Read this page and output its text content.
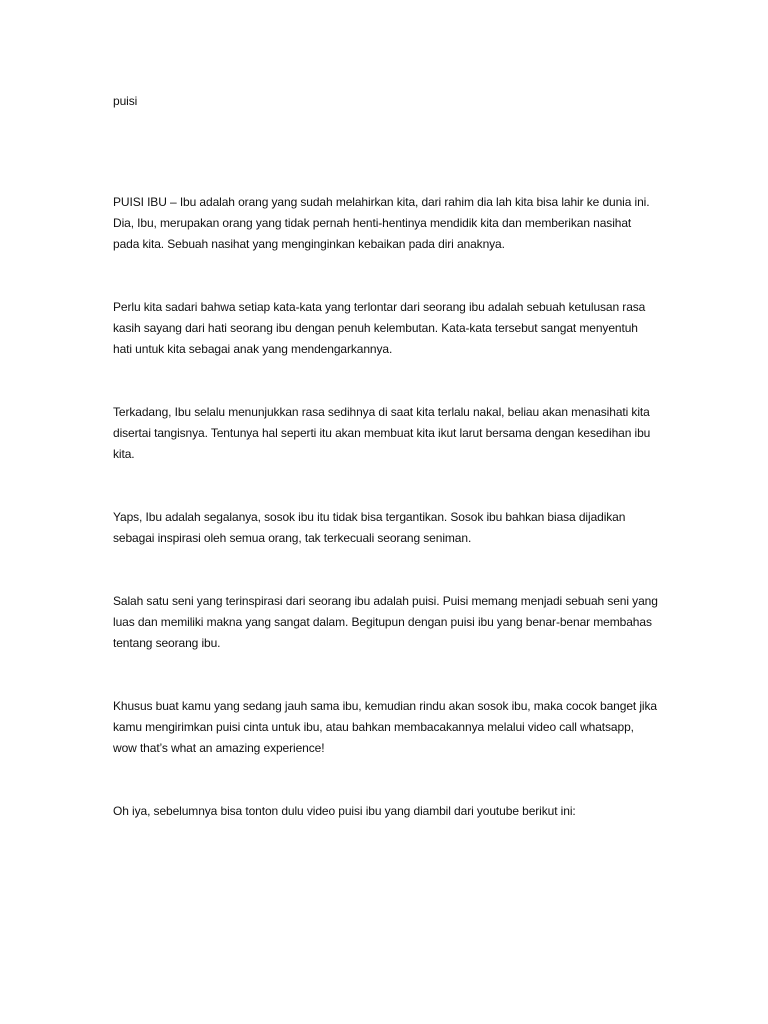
puisi

PUISI IBU – Ibu adalah orang yang sudah melahirkan kita, dari rahim dia lah kita bisa lahir ke dunia ini. Dia, Ibu, merupakan orang yang tidak pernah henti-hentinya mendidik kita dan memberikan nasihat pada kita. Sebuah nasihat yang menginginkan kebaikan pada diri anaknya.

Perlu kita sadari bahwa setiap kata-kata yang terlontar dari seorang ibu adalah sebuah ketulusan rasa kasih sayang dari hati seorang ibu dengan penuh kelembutan. Kata-kata tersebut sangat menyentuh hati untuk kita sebagai anak yang mendengarkannya.

Terkadang, Ibu selalu menunjukkan rasa sedihnya di saat kita terlalu nakal, beliau akan menasihati kita disertai tangisnya. Tentunya hal seperti itu akan membuat kita ikut larut bersama dengan kesedihan ibu kita.

Yaps, Ibu adalah segalanya, sosok ibu itu tidak bisa tergantikan. Sosok ibu bahkan biasa dijadikan sebagai inspirasi oleh semua orang, tak terkecuali seorang seniman.

Salah satu seni yang terinspirasi dari seorang ibu adalah puisi. Puisi memang menjadi sebuah seni yang luas dan memiliki makna yang sangat dalam. Begitupun dengan puisi ibu yang benar-benar membahas tentang seorang ibu.

Khusus buat kamu yang sedang jauh sama ibu, kemudian rindu akan sosok ibu, maka cocok banget jika kamu mengirimkan puisi cinta untuk ibu, atau bahkan membacakannya melalui video call whatsapp, wow that’s what an amazing experience!

Oh iya, sebelumnya bisa tonton dulu video puisi ibu yang diambil dari youtube berikut ini:
